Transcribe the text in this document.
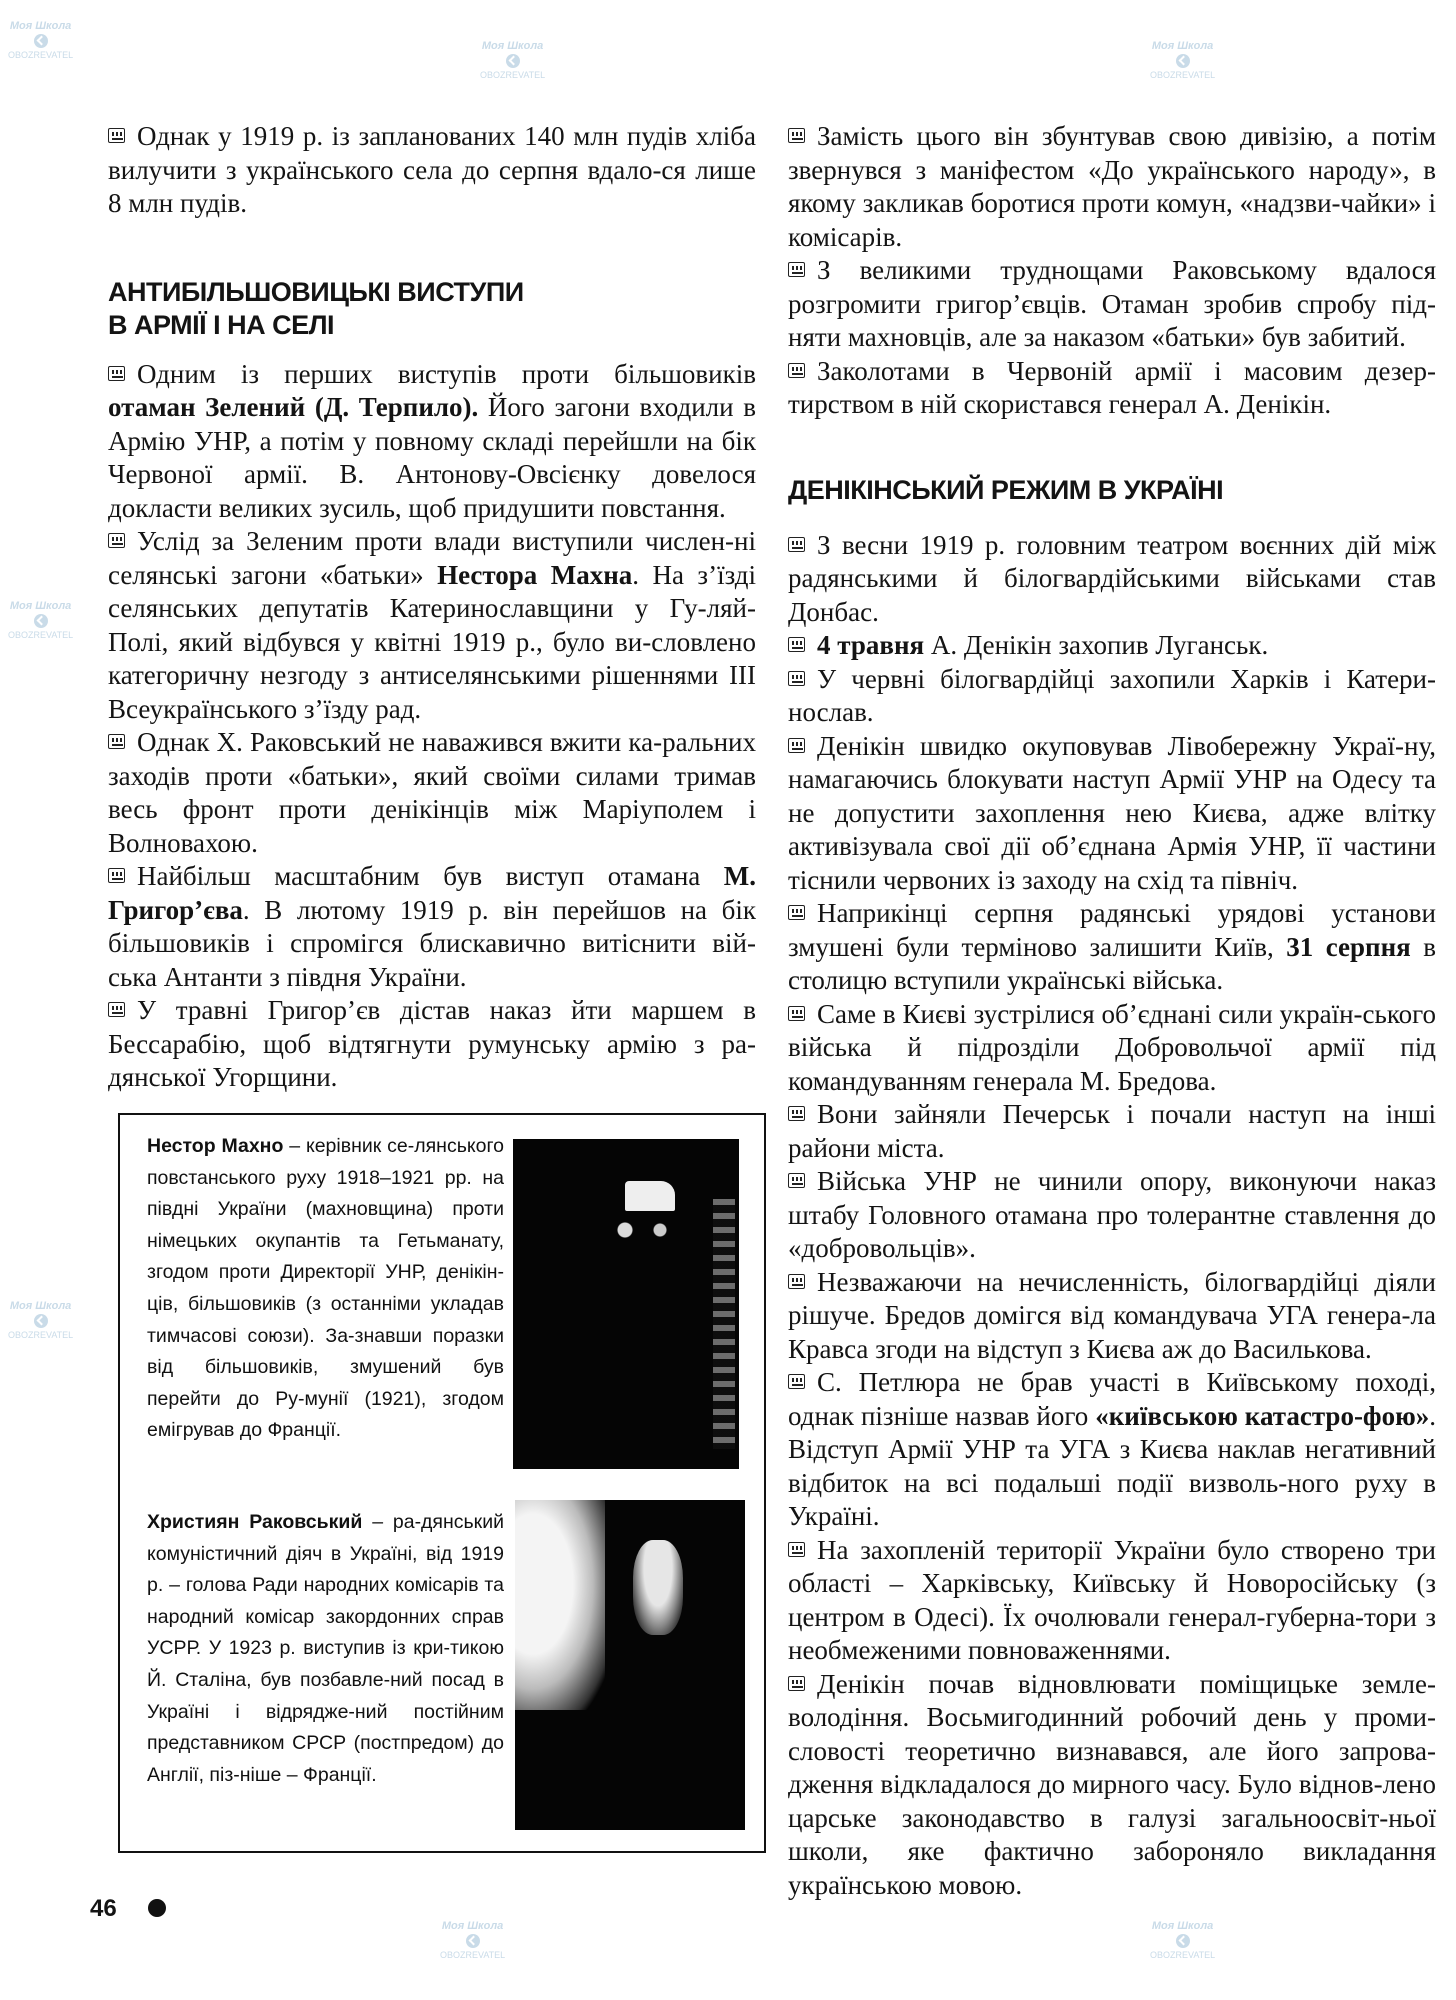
Моя Школа
OBOZREVATEL
Моя Школа
OBOZREVATEL
Моя Школа
OBOZREVATEL
Моя Школа
OBOZREVATEL
Моя Школа
OBOZREVATEL
Моя Школа
OBOZREVATEL
Моя Школа
OBOZREVATEL

Однак у 1919 р. із запланованих 140 млн пудів хліба вилучити з українського села до серпня вдало-ся лише 8 млн пудів.

АНТИБІЛЬШОВИЦЬКІ ВИСТУПИ
В АРМІЇ І НА СЕЛІ

Одним із перших виступів проти більшовиків отаман Зелений (Д. Терпило). Його загони входили в Армію УНР, а потім у повному складі перейшли на бік Червоної армії. В. Антонову-Овсієнку довелося докласти великих зусиль, щоб придушити повстання.

Услід за Зеленим проти влади виступили числен-ні селянські загони «батьки» Нестора Махна. На з’їзді селянських депутатів Катеринославщини у Гу-ляй-Полі, який відбувся у квітні 1919 р., було ви-словлено категоричну незгоду з антиселянськими рішеннями III Всеукраїнського з’їзду рад.

Однак Х. Раковський не наважився вжити ка-ральних заходів проти «батьки», який своїми силами тримав весь фронт проти денікінців між Маріуполем і Волновахою.

Найбільш масштабним був виступ отамана М. Григор’єва. В лютому 1919 р. він перейшов на бік більшовиків і спромігся блискавично витіснити вій-ська Антанти з півдня України.

У травні Григор’єв дістав наказ йти маршем в Бессарабію, щоб відтягнути румунську армію з ра-дянської Угорщини.

Нестор Махно – керівник се-лянського повстанського руху 1918–1921 рр. на півдні України (махновщина) проти німецьких окупантів та Гетьманату, згодом проти Директорії УНР, денікін-ців, більшовиків (з останніми укладав тимчасові союзи). За-знавши поразки від більшовиків, змушений був перейти до Ру-мунії (1921), згодом емігрував до Франції.
Християн Раковський – ра-дянський комуністичний діяч в Україні, від 1919 р. – голова Ради народних комісарів та народний комісар закордонних справ УСРР. У 1923 р. виступив із кри-тикою Й. Сталіна, був позбавле-ний посад в Україні і відрядже-ний постійним представником СРСР (постпредом) до Англії, піз-ніше – Франції.

Замість цього він збунтував свою дивізію, а потім звернувся з маніфестом «До українського народу», в якому закликав боротися проти комун, «надзви-чайки» і комісарів.

З великими труднощами Раковському вдалося розгромити григор’євців. Отаман зробив спробу під-няти махновців, але за наказом «батьки» був забитий.

Заколотами в Червоній армії і масовим дезер-тирством в ній скористався генерал А. Денікін.

ДЕНІКІНСЬКИЙ РЕЖИМ В УКРАЇНІ

З весни 1919 р. головним театром воєнних дій між радянськими й білогвардійськими військами став Донбас.

4 травня А. Денікін захопив Луганськ.

У червні білогвардійці захопили Харків і Катери-нослав.

Денікін швидко окуповував Лівобережну Украї-ну, намагаючись блокувати наступ Армії УНР на Одесу та не допустити захоплення нею Києва, адже влітку активізувала свої дії об’єднана Армія УНР, її частини тіснили червоних із заходу на схід та північ.

Наприкінці серпня радянські урядові установи змушені були терміново залишити Київ, 31 серпня в столицю вступили українські війська.

Саме в Києві зустрілися об’єднані сили україн-ського війська й підрозділи Добровольчої армії під командуванням генерала М. Бредова.

Вони зайняли Печерськ і почали наступ на інші райони міста.

Війська УНР не чинили опору, виконуючи наказ штабу Головного отамана про толерантне ставлення до «добровольців».

Незважаючи на нечисленність, білогвардійці діяли рішуче. Бредов домігся від командувача УГА генера-ла Кравса згоди на відступ з Києва аж до Василькова.

С. Петлюра не брав участі в Київському поході, однак пізніше назвав його «київською катастро-фою». Відступ Армії УНР та УГА з Києва наклав негативний відбиток на всі подальші події визволь-ного руху в Україні.

На захопленій території України було створено три області – Харківську, Київську й Новоросійську (з центром в Одесі). Їх очолювали генерал-губерна-тори з необмеженими повноваженнями.

Денікін почав відновлювати поміщицьке земле-володіння. Восьмигодинний робочий день у проми-словості теоретично визнавався, але його запрова-дження відкладалося до мирного часу. Було віднов-лено царське законодавство в галузі загальноосвіт-ньої школи, яке фактично забороняло викладання українською мовою.

46
